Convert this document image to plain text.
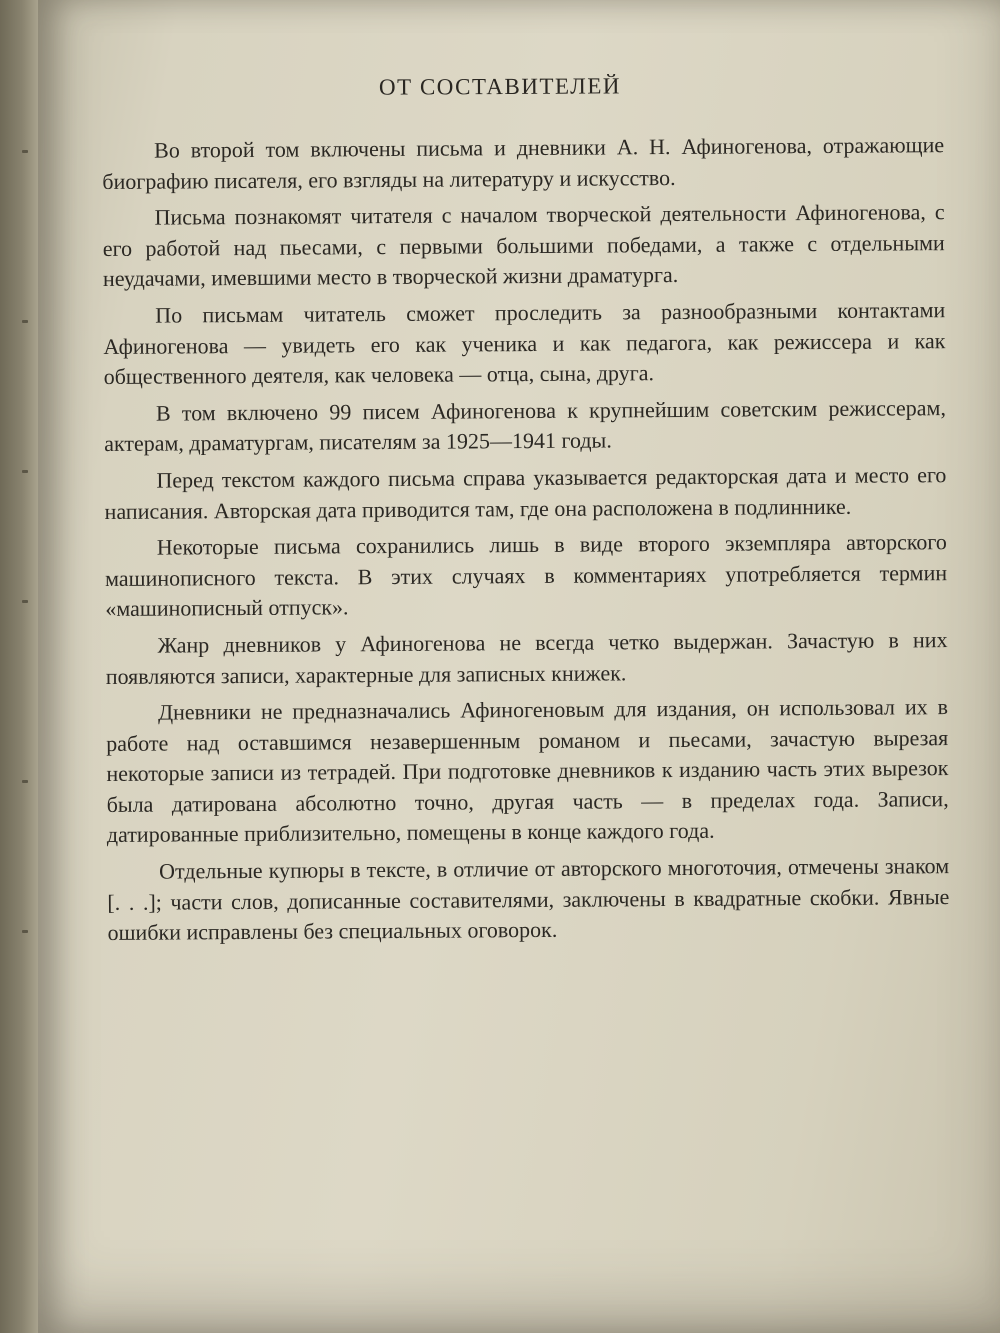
ОТ СОСТАВИТЕЛЕЙ

Во второй том включены письма и дневники А. Н. Афиногенова, отражающие биографию писателя, его взгляды на литературу и искусство.

Письма познакомят читателя с началом творческой деятельности Афиногенова, с его работой над пьесами, с первыми большими победами, а также с отдельными неудачами, имевшими место в творческой жизни драматурга.

По письмам читатель сможет проследить за разнообразными контактами Афиногенова — увидеть его как ученика и как педагога, как режиссера и как общественного деятеля, как человека — отца, сына, друга.

В том включено 99 писем Афиногенова к крупнейшим советским режиссерам, актерам, драматургам, писателям за 1925—1941 годы.

Перед текстом каждого письма справа указывается редакторская дата и место его написания. Авторская дата приводится там, где она расположена в подлиннике.

Некоторые письма сохранились лишь в виде второго экземпляра авторского машинописного текста. В этих случаях в комментариях употребляется термин «машинописный отпуск».

Жанр дневников у Афиногенова не всегда четко выдержан. Зачастую в них появляются записи, характерные для записных книжек.

Дневники не предназначались Афиногеновым для издания, он использовал их в работе над оставшимся незавершенным романом и пьесами, зачастую вырезая некоторые записи из тетрадей. При подготовке дневников к изданию часть этих вырезок была датирована абсолютно точно, другая часть — в пределах года. Записи, датированные приблизительно, помещены в конце каждого года.

Отдельные купюры в тексте, в отличие от авторского многоточия, отмечены знаком [. . .]; части слов, дописанные составителями, заключены в квадратные скобки. Явные ошибки исправлены без специальных оговорок.
